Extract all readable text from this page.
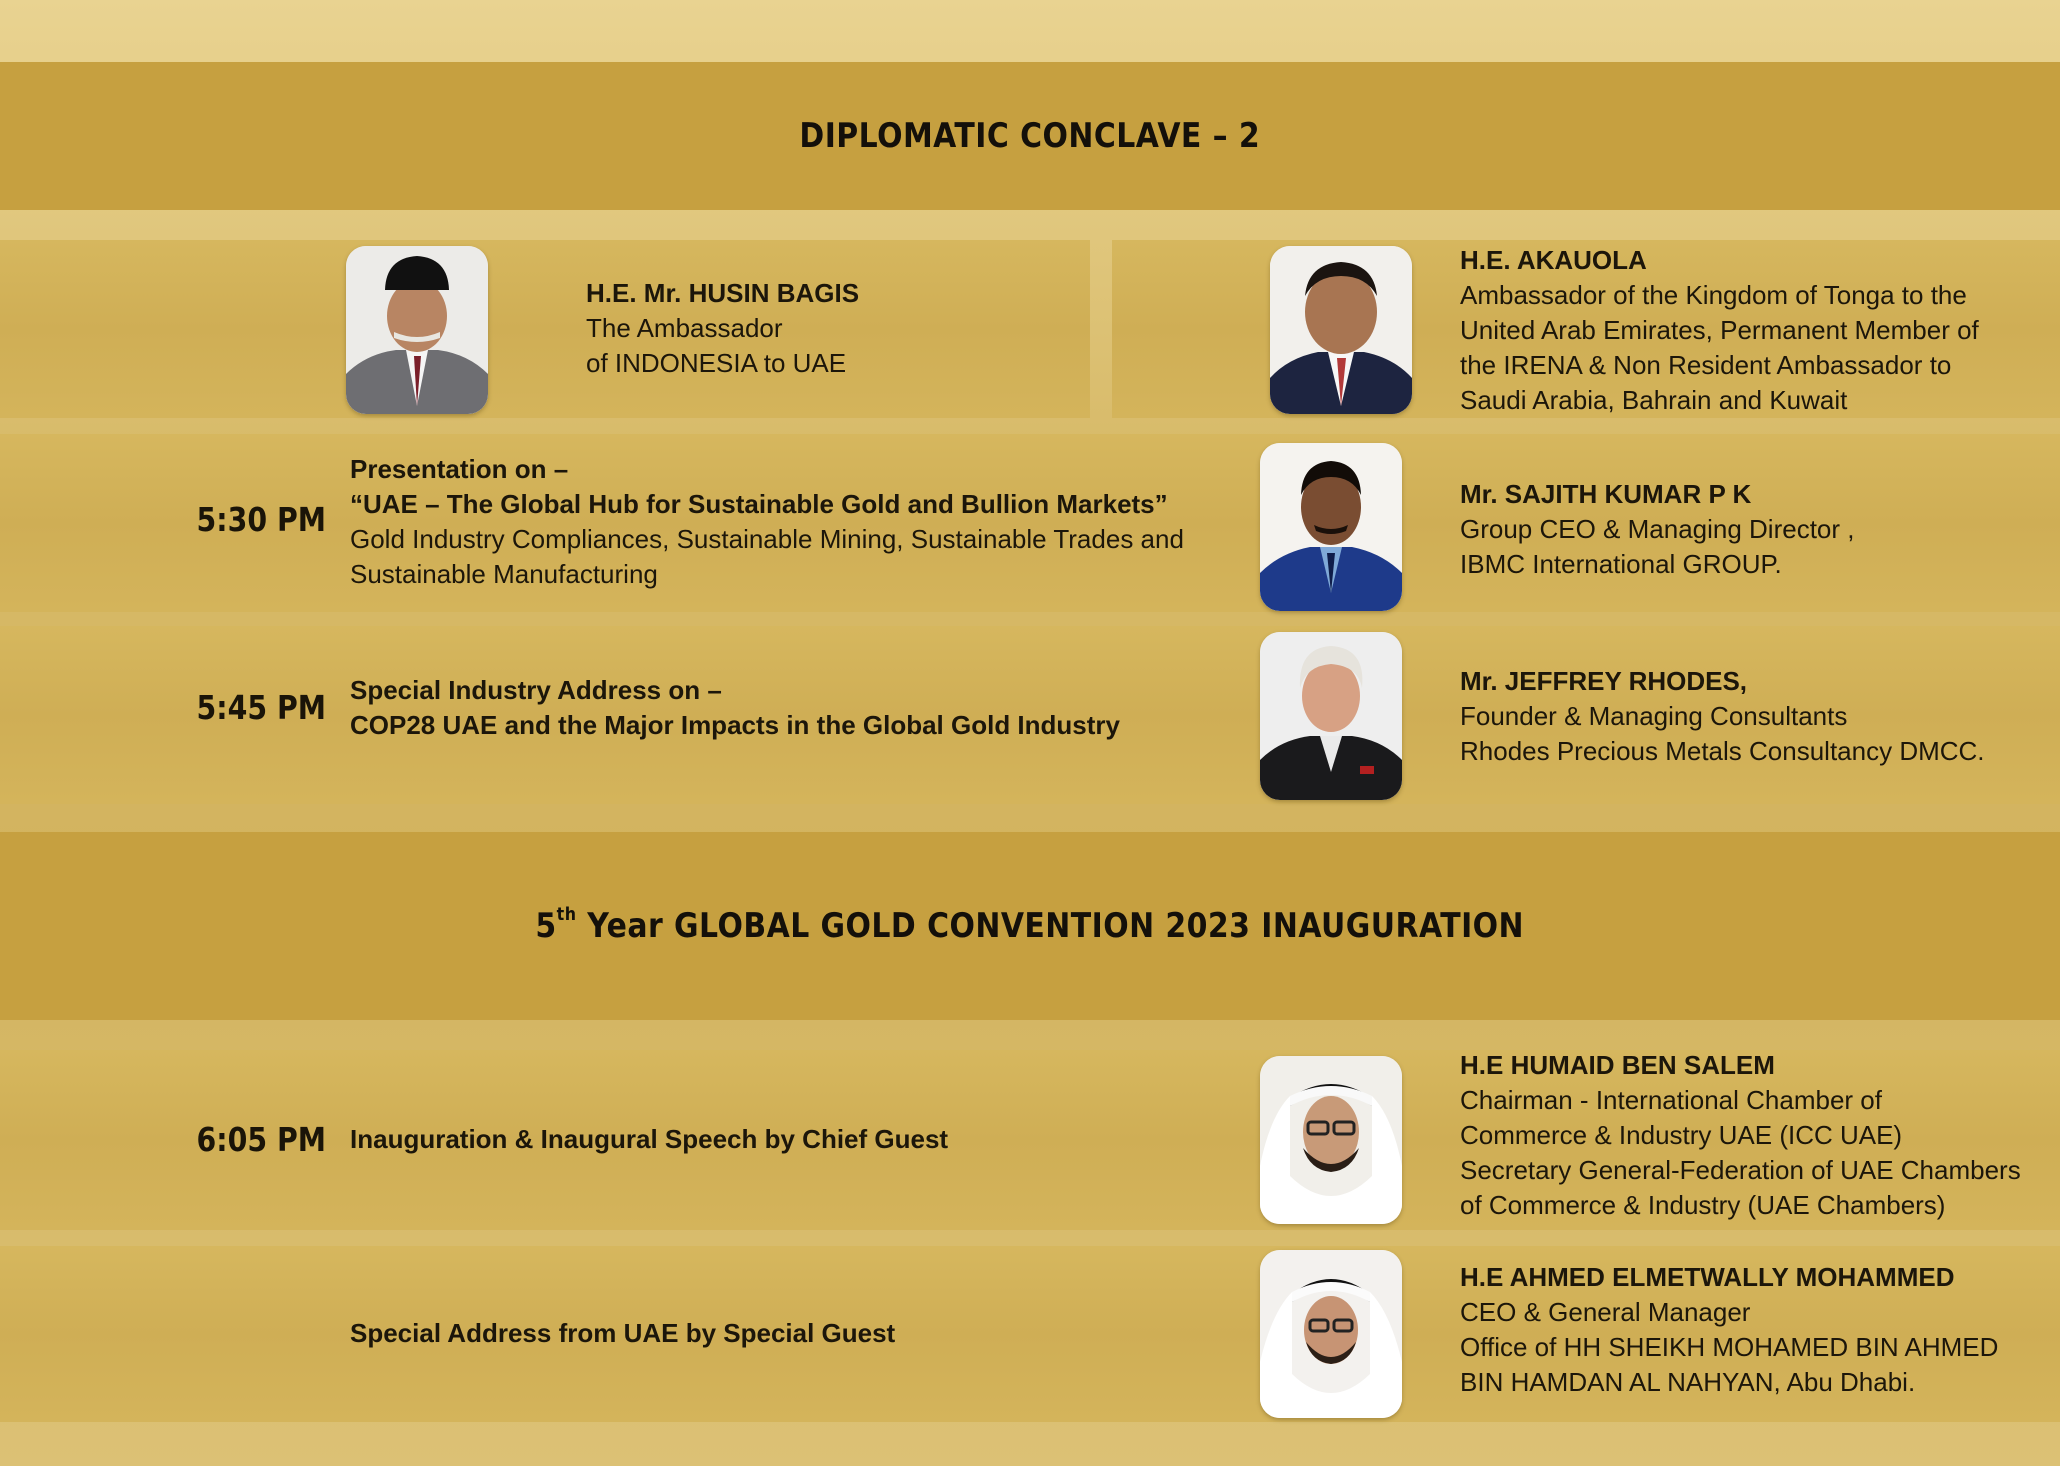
DIPLOMATIC CONCLAVE – 2
H.E. Mr. HUSIN BAGIS
The Ambassador
of INDONESIA to UAE
H.E. AKAUOLA
Ambassador of the Kingdom of Tonga to the
United Arab Emirates, Permanent Member of
the IRENA & Non Resident Ambassador to
Saudi Arabia, Bahrain and Kuwait
5:30 PM
Presentation on –
“UAE – The Global Hub for Sustainable Gold and Bullion Markets”
Gold Industry Compliances, Sustainable Mining, Sustainable Trades and
Sustainable Manufacturing
Mr. SAJITH KUMAR P K
Group CEO & Managing Director ,
IBMC International GROUP.
5:45 PM Special Industry Address on –
COP28 UAE and the Major Impacts in the Global Gold Industry
Mr. JEFFREY RHODES,
Founder & Managing Consultants
Rhodes Precious Metals Consultancy DMCC.
5th Year GLOBAL GOLD CONVENTION 2023 INAUGURATION
6:05 PM Inauguration & Inaugural Speech by Chief Guest
H.E HUMAID BEN SALEM
Chairman - International Chamber of
Commerce & Industry UAE (ICC UAE)
Secretary General-Federation of UAE Chambers
of Commerce & Industry (UAE Chambers)
Special Address from UAE by Special Guest
H.E AHMED ELMETWALLY MOHAMMED
CEO & General Manager
Office of HH SHEIKH MOHAMED BIN AHMED
BIN HAMDAN AL NAHYAN, Abu Dhabi.
